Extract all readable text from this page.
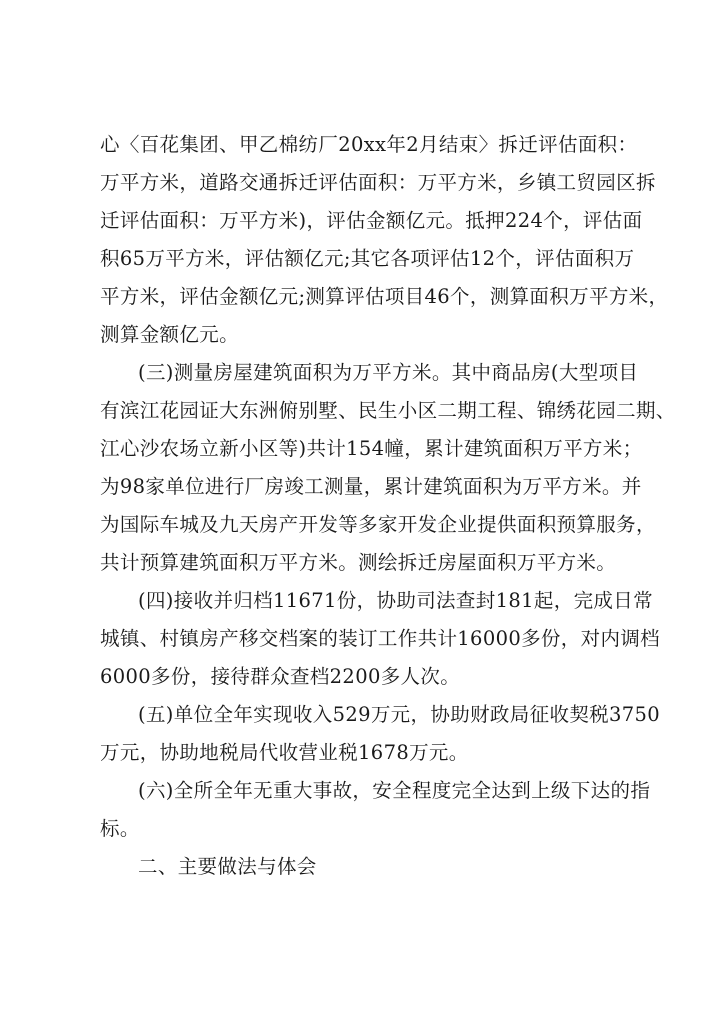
心〈百花集团、甲乙棉纺厂20xx年2月结束〉拆迁评估面积：
万平方米，道路交通拆迁评估面积：万平方米，乡镇工贸园区拆
迁评估面积：万平方米)，评估金额亿元。抵押224个，评估面
积65万平方米，评估额亿元;其它各项评估12个，评估面积万
平方米，评估金额亿元;测算评估项目46个，测算面积万平方米，
测算金额亿元。
(三)测量房屋建筑面积为万平方米。其中商品房(大型项目
有滨江花园证大东洲俯别墅、民生小区二期工程、锦绣花园二期、
江心沙农场立新小区等)共计154幢，累计建筑面积万平方米；
为98家单位进行厂房竣工测量，累计建筑面积为万平方米。并
为国际车城及九天房产开发等多家开发企业提供面积预算服务，
共计预算建筑面积万平方米。测绘拆迁房屋面积万平方米。
(四)接收并归档11671份，协助司法查封181起，完成日常
城镇、村镇房产移交档案的装订工作共计16000多份，对内调档
6000多份，接待群众查档2200多人次。
(五)单位全年实现收入529万元，协助财政局征收契税3750
万元，协助地税局代收营业税1678万元。
(六)全所全年无重大事故，安全程度完全达到上级下达的指
标。
二、主要做法与体会
